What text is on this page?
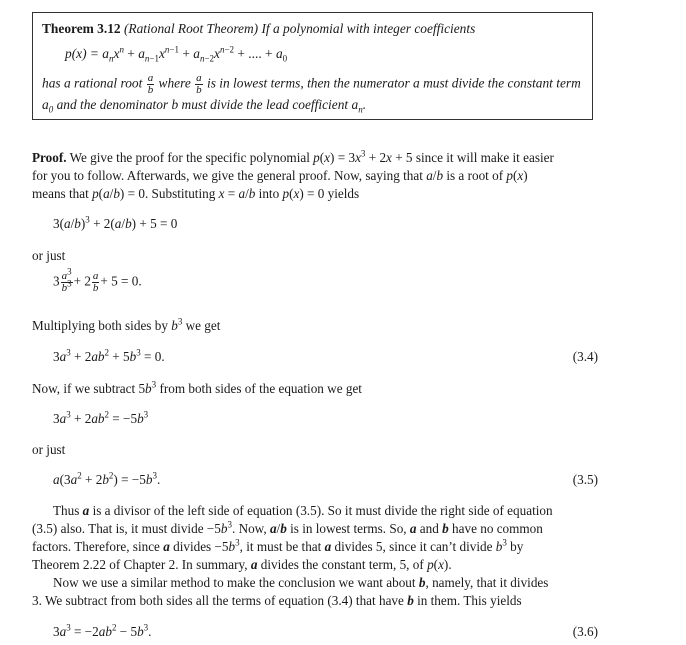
Theorem 3.12 (Rational Root Theorem) If a polynomial with integer coefficients
$p(x) = a_nx^n + a_{n-1}x^{n-1} + a_{n-2}x^{n-2}$ + .... + $a_0$
has a rational root $\frac{a}{b}$ where $\frac{a}{b}$ is in lowest terms, then the numerator a must divide the constant term
$a_0$ and the denominator b must divide the lead coefficient $a_n$.
Proof. We give the proof for the specific polynomial $p(x) = 3x^3 + 2x + 5$ since it will make it easier
for you to follow. Afterwards, we give the general proof. Now, saying that a/b is a root of p(x)
means that p(a/b) = 0. Substituting x = a/b into p(x) = 0 yields
$3(a/b)^3 + 2(a/b) + 5 = 0$
or just
$3 \frac{a^3}{b^3} + 2 \frac{a}{b} + 5 = 0$.
Multiplying both sides by $b^3$ we get
$3a^3 + 2ab^2 + 5b^3 = 0$.	(3.4)
Now, if we subtract $5b^3$ from both sides of the equation we get
$3a^3 + 2ab^2 = -5b^3$
or just
$a(3a^2 + 2b^2) = -5b^3$.	(3.5)
Thus a is a divisor of the left side of equation (3.5). So it must divide the right side of equation
(3.5) also. That is, it must divide $-5b^3$. Now, a/b is in lowest terms. So, a and b have no common
factors. Therefore, since a divides $-5b^3$, it must be that a divides 5, since it can’t divide $b^3$ by
Theorem 2.22 of Chapter 2. In summary, a divides the constant term, 5, of p(x).
Now we use a similar method to make the conclusion we want about b, namely, that it divides
3. We subtract from both sides all the terms of equation (3.4) that have b in them. This yields
$3a^3 = -2ab^2 - 5b^3$.	(3.6)
